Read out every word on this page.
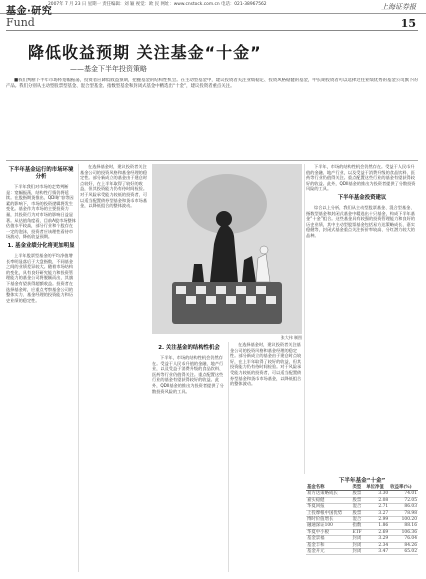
基金·研究
2007年 7 月 23 日 星期一 责任编辑：刘 颖 视觉：欧 民 网址：www.cnstock.com.cn 电话：021-38967562	上海证券报
Fund	15
降低收益预期 关注基金“十金”
——基金下半年投资策略
■我们判断下半年市场将宽幅振荡，投资者应降低收益预期，把握基金的结构性机会。在主动型基金中，建议投资者关注业绩稳定、投资风格稳健的基金，中长期投资者可以选择过往业绩优秀的基金公司旗下的产品。我们分别从主动型股票型基金、混合型基金、指数型基金和封闭式基金中精选出“十金”，建议投资者重点关注。
下半年基金运行的市场环境分析

下半年我们对市场的走势判断是：宽幅振荡，结构性行情仍将延续。在股指期货推出、QDII扩容等因素的影响下，市场的投资逻辑将发生变化。基金作为市场的主要投资力量，其投资行为对市场的影响日益显著。从估值角度看，目前A股市场整体估值水平较高，部分行业和个股存在一定的泡沫，投资者应该理性看待市场波动，降低收益预期。

1. 基金业绩分化将更加明显

上半年股票型基金的平均净值增长率明显落后于大盘指数，不同基金之间的业绩差异较大。随着市场结构的变化，具有良好研究能力和投资管理能力的基金公司将脱颖而出，其旗下基金有望获得超额收益。投资者在选择基金时，应重点考察基金公司的整体实力、基金经理的投资能力和历史业绩的稳定性。

在选择基金时，建议投资者关注基金公司的投资风格和基金经理的稳定性。部分新成立的基金由于建仓时点较好，在上半年取得了较好的收益，但其投资能力仍有待时间检验。对于风险承受能力较低的投资者，可以适当配置债券型基金和货币市场基金，以降低组合的整体波动。

张大伟 制图
2. 关注基金的结构性机会

下半年，市场的结构性机会仍然存在。受益于人民币升值的金融、地产行业，以及受益于消费升级的食品饮料、医药等行业仍值得关注。重点配置这些行业的基金有望获得较好的收益。此外，QDII基金的推出为投资者提供了分散投资风险的工具。

在选择基金时，建议投资者关注基金公司的投资风格和基金经理的稳定性。部分新成立的基金由于建仓时点较好，在上半年取得了较好的收益，但其投资能力仍有待时间检验。对于风险承受能力较低的投资者，可以适当配置债券型基金和货币市场基金，以降低组合的整体波动。

下半年，市场的结构性机会仍然存在。受益于人民币升值的金融、地产行业，以及受益于消费升级的食品饮料、医药等行业仍值得关注。重点配置这些行业的基金有望获得较好的收益。此外，QDII基金的推出为投资者提供了分散投资风险的工具。

下半年基金投资建议

综合以上分析，我们从主动型股票基金、混合型基金、指数型基金和封闭式基金中精选出十只基金，构成下半年基金“十金”组合。这些基金具有较强的投资管理能力和良好的历史业绩，其中主动型股票基金包括易方达策略成长、嘉实稳健等，封闭式基金重点关注折价率较高、分红潜力较大的品种。

下半年基金“十金”
基金名称	类型	单位净值	收益率(%)
易方达策略成长	股票	3.30	74.01
嘉实稳健	股票	2.08	72.05
华夏回报	混合	2.71	86.03
上投摩根中国优势	股票	3.27	78.98
博时价值增长	混合	2.99	100.20
融通深证100	指数	1.86	88.16
华夏中小板	ETF	2.69	106.36
基金景福	封闭	3.29	76.04
基金丰和	封闭	2.34	84.26
基金开元	封闭	3.47	65.02
